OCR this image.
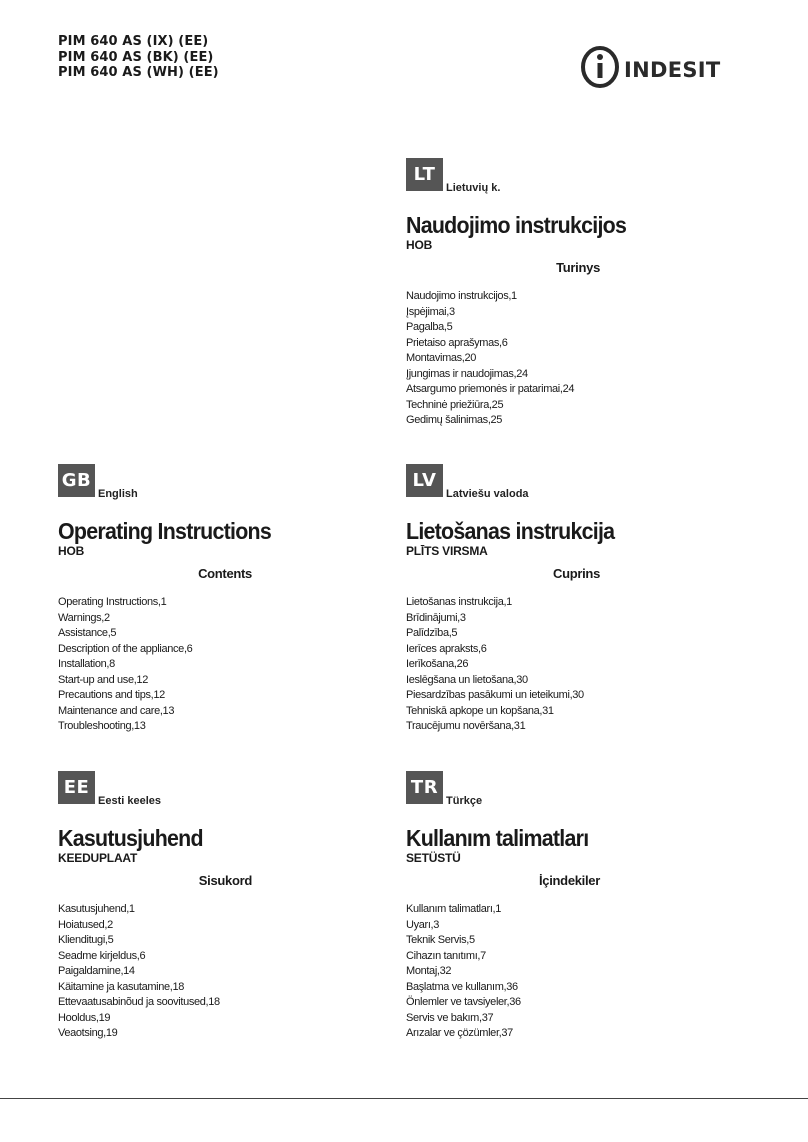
PIM 640 AS (IX) (EE)
PIM 640 AS (BK) (EE)
PIM 640 AS (WH) (EE)	INDESIT
LT
Lietuvių k.
Naudojimo instrukcijos
HOB
Turinys
Naudojimo instrukcijos,1
Įspėjimai,3
Pagalba,5
Prietaiso aprašymas,6
Montavimas,20
Įjungimas ir naudojimas,24
Atsargumo priemonės ir patarimai,24
Techninė priežiūra,25
Gedimų šalinimas,25
GB
English
Operating Instructions
HOB
Contents
Operating Instructions,1
Warnings,2
Assistance,5
Description of the appliance,6
Installation,8
Start-up and use,12
Precautions and tips,12
Maintenance and care,13
Troubleshooting,13
LV
Latviešu valoda
Lietošanas instrukcija
PLĪTS VIRSMA
Cuprins
Lietošanas instrukcija,1
Brīdinājumi,3
Palīdzība,5
Ierīces apraksts,6
Ierīkošana,26
Ieslēgšana un lietošana,30
Piesardzības pasākumi un ieteikumi,30
Tehniskā apkope un kopšana,31
Traucējumu novēršana,31
EE
Eesti keeles
Kasutusjuhend
KEEDUPLAAT
Sisukord
Kasutusjuhend,1
Hoiatused,2
Klienditugi,5
Seadme kirjeldus,6
Paigaldamine,14
Käitamine ja kasutamine,18
Ettevaatusabinõud ja soovitused,18
Hooldus,19
Veaotsing,19
TR
Türkçe
Kullanım talimatları
SETÜSTÜ
İçindekiler
Kullanım talimatları,1
Uyarı,3
Teknik Servis,5
Cihazın tanıtımı,7
Montaj,32
Başlatma ve kullanım,36
Önlemler ve tavsiyeler,36
Servis ve bakım,37
Arızalar ve çözümler,37
